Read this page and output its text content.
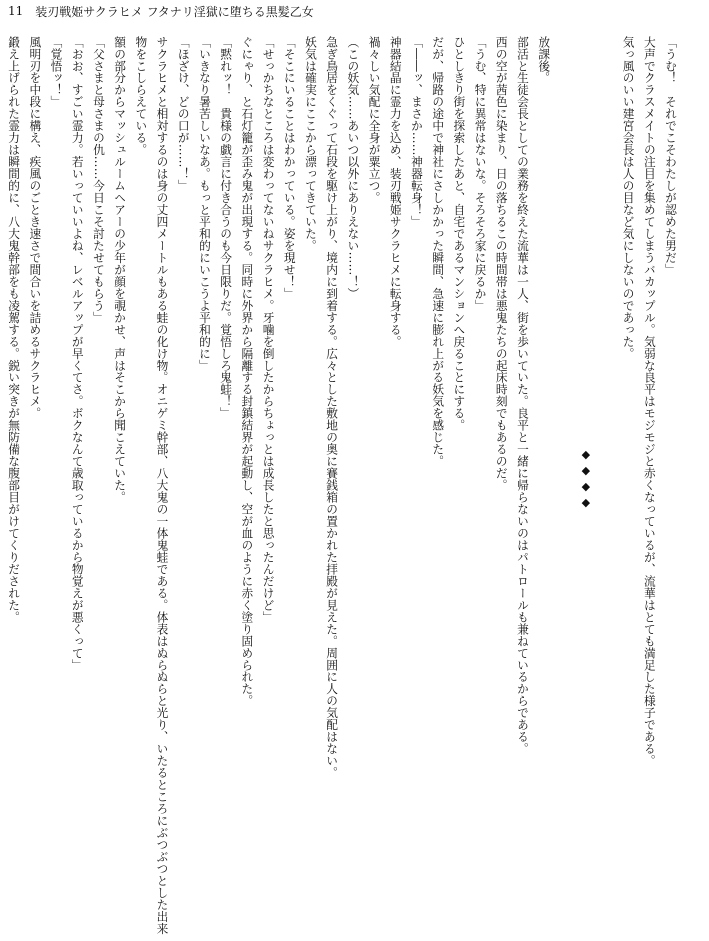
11 装刃戦姫サクラヒメ フタナリ淫獄に堕ちる黒髪乙女
「うむ！　それでこそわたしが認めた男だ」
大声でクラスメイトの注目を集めてしまうバカップル。気弱な良平はモジモジと赤くなっているが、流華はとても満足した様子である。
気っ風のいい建宮会長は人の目など気にしないのであった。
◆◆◆◆
放課後。
部活と生徒会長としての業務を終えた流華は一人、街を歩いていた。良平と一緒に帰らないのはパトロールも兼ねているからである。
西の空が茜色に染まり、日の落ちるこの時間帯は悪鬼たちの起床時刻でもあるのだ。
「うむ、特に異常はないな。そろそろ家に戻るか」
ひとしきり街を探索したあと、自宅であるマンションへ戻ることにする。
だが、帰路の途中で神社にさしかかった瞬間、急速に膨れ上がる妖気を感じた。
「――ッ、まさか……神器転身！」
神器結晶に霊力を込め、装刃戦姫サクラヒメに転身する。
禍々しい気配に全身が粟立つ。
（この妖気……あいつ以外にありえない……！）
急ぎ鳥居をくぐって石段を駆け上がり、境内に到着する。広々とした敷地の奥に賽銭箱の置かれた拝殿が見えた。周囲に人の気配はない。
妖気は確実にここから漂ってきていた。
「そこにいることはわかっている。姿を現せ！」
「せっかちなところは変わってないねサクラヒメ。牙噛を倒したからちょっとは成長したと思ったんだけど」
ぐにゃり、と石灯籠が歪み鬼が出現する。同時に外界から隔離する封鎮結界が起動し、空が血のように赤く塗り固められた。
「黙れッ！　貴様の戯言に付き合うのも今日限りだ。覚悟しろ鬼蛙！」
「いきなり暑苦しいなあ。もっと平和的にいこうよ平和的に」
「ほざけ、どの口が……！」
サクラヒメと相対するのは身の丈四メートルもある蛙の化け物。オニゲミ幹部、八大鬼の一体鬼蛙である。体表はぬらぬらと光り、いたるところにぶつぶつとした出来
物をこしらえている。
額の部分からマッシュルームヘアーの少年が顔を覗かせ、声はそこから聞こえていた。
「父さまと母さまの仇……今日こそ討たせてもらう」
「おお、すごい霊力。若いっていいよね、レベルアップが早くてさ。ボクなんて歳取っているから物覚えが悪くって」
「覚悟ッ！」
風明刃を中段に構え、疾風のごとき速さで間合いを詰めるサクラヒメ。
鍛え上げられた霊力は瞬間的に、八大鬼幹部をも凌駕する。鋭い突きが無防備な腹部目がけてくりだされた。
